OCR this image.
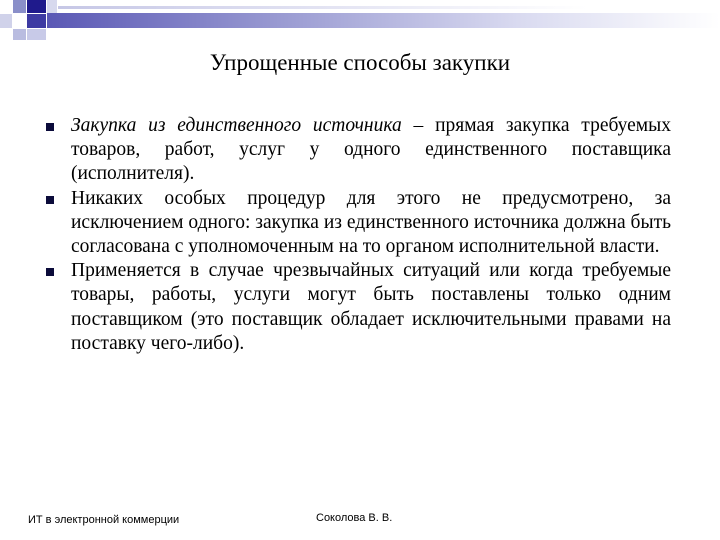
Упрощенные способы закупки
Закупка из единственного источника – прямая закупка требуемых товаров, работ, услуг у одного единственного поставщика (исполнителя).
Никаких особых процедур для этого не предусмотрено, за исключением одного: закупка из единственного источника должна быть согласована с уполномоченным на то органом исполнительной власти.
Применяется в случае чрезвычайных ситуаций или когда требуемые товары, работы, услуги могут быть поставлены только одним поставщиком (это поставщик обладает исключительными правами на поставку чего-либо).
ИТ в электронной коммерции	Соколова В. В.
